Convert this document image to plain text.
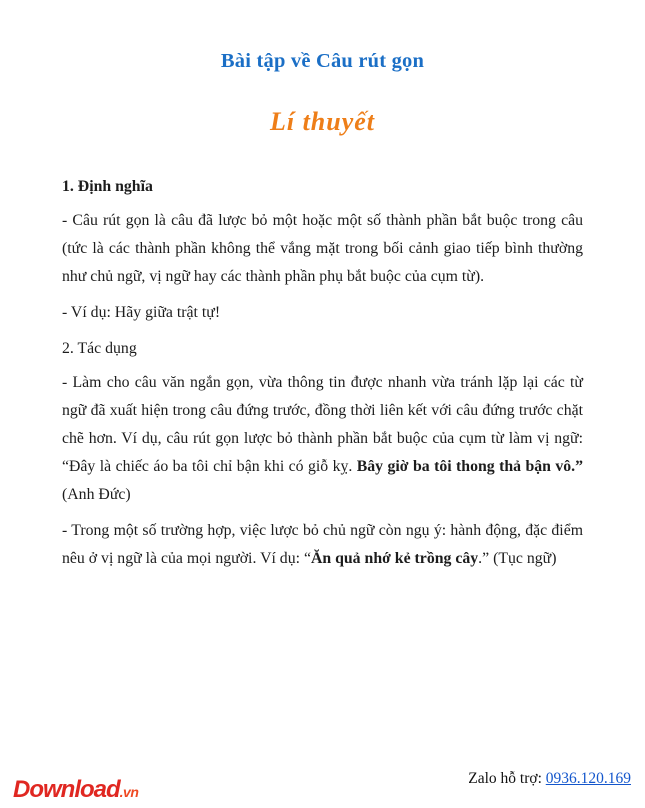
Bài tập về Câu rút gọn
Lí thuyết
1. Định nghĩa

- Câu rút gọn là câu đã lược bỏ một hoặc một số thành phần bắt buộc trong câu (tức là các thành phần không thể vắng mặt trong bối cảnh giao tiếp bình thường như chủ ngữ, vị ngữ hay các thành phần phụ bắt buộc của cụm từ).

- Ví dụ: Hãy giữa trật tự!

2. Tác dụng

- Làm cho câu văn ngắn gọn, vừa thông tin được nhanh vừa tránh lặp lại các từ ngữ đã xuất hiện trong câu đứng trước, đồng thời liên kết với câu đứng trước chặt chẽ hơn. Ví dụ, câu rút gọn lược bỏ thành phần bắt buộc của cụm từ làm vị ngữ: “Đây là chiếc áo ba tôi chỉ bận khi có giỗ kỵ. Bây giờ ba tôi thong thả bận vô.” (Anh Đức)

- Trong một số trường hợp, việc lược bỏ chủ ngữ còn ngụ ý: hành động, đặc điểm nêu ở vị ngữ là của mọi người. Ví dụ: “Ăn quả nhớ kẻ trồng cây.” (Tục ngữ)

Download.vn
Zalo hỗ trợ: 0936.120.169
